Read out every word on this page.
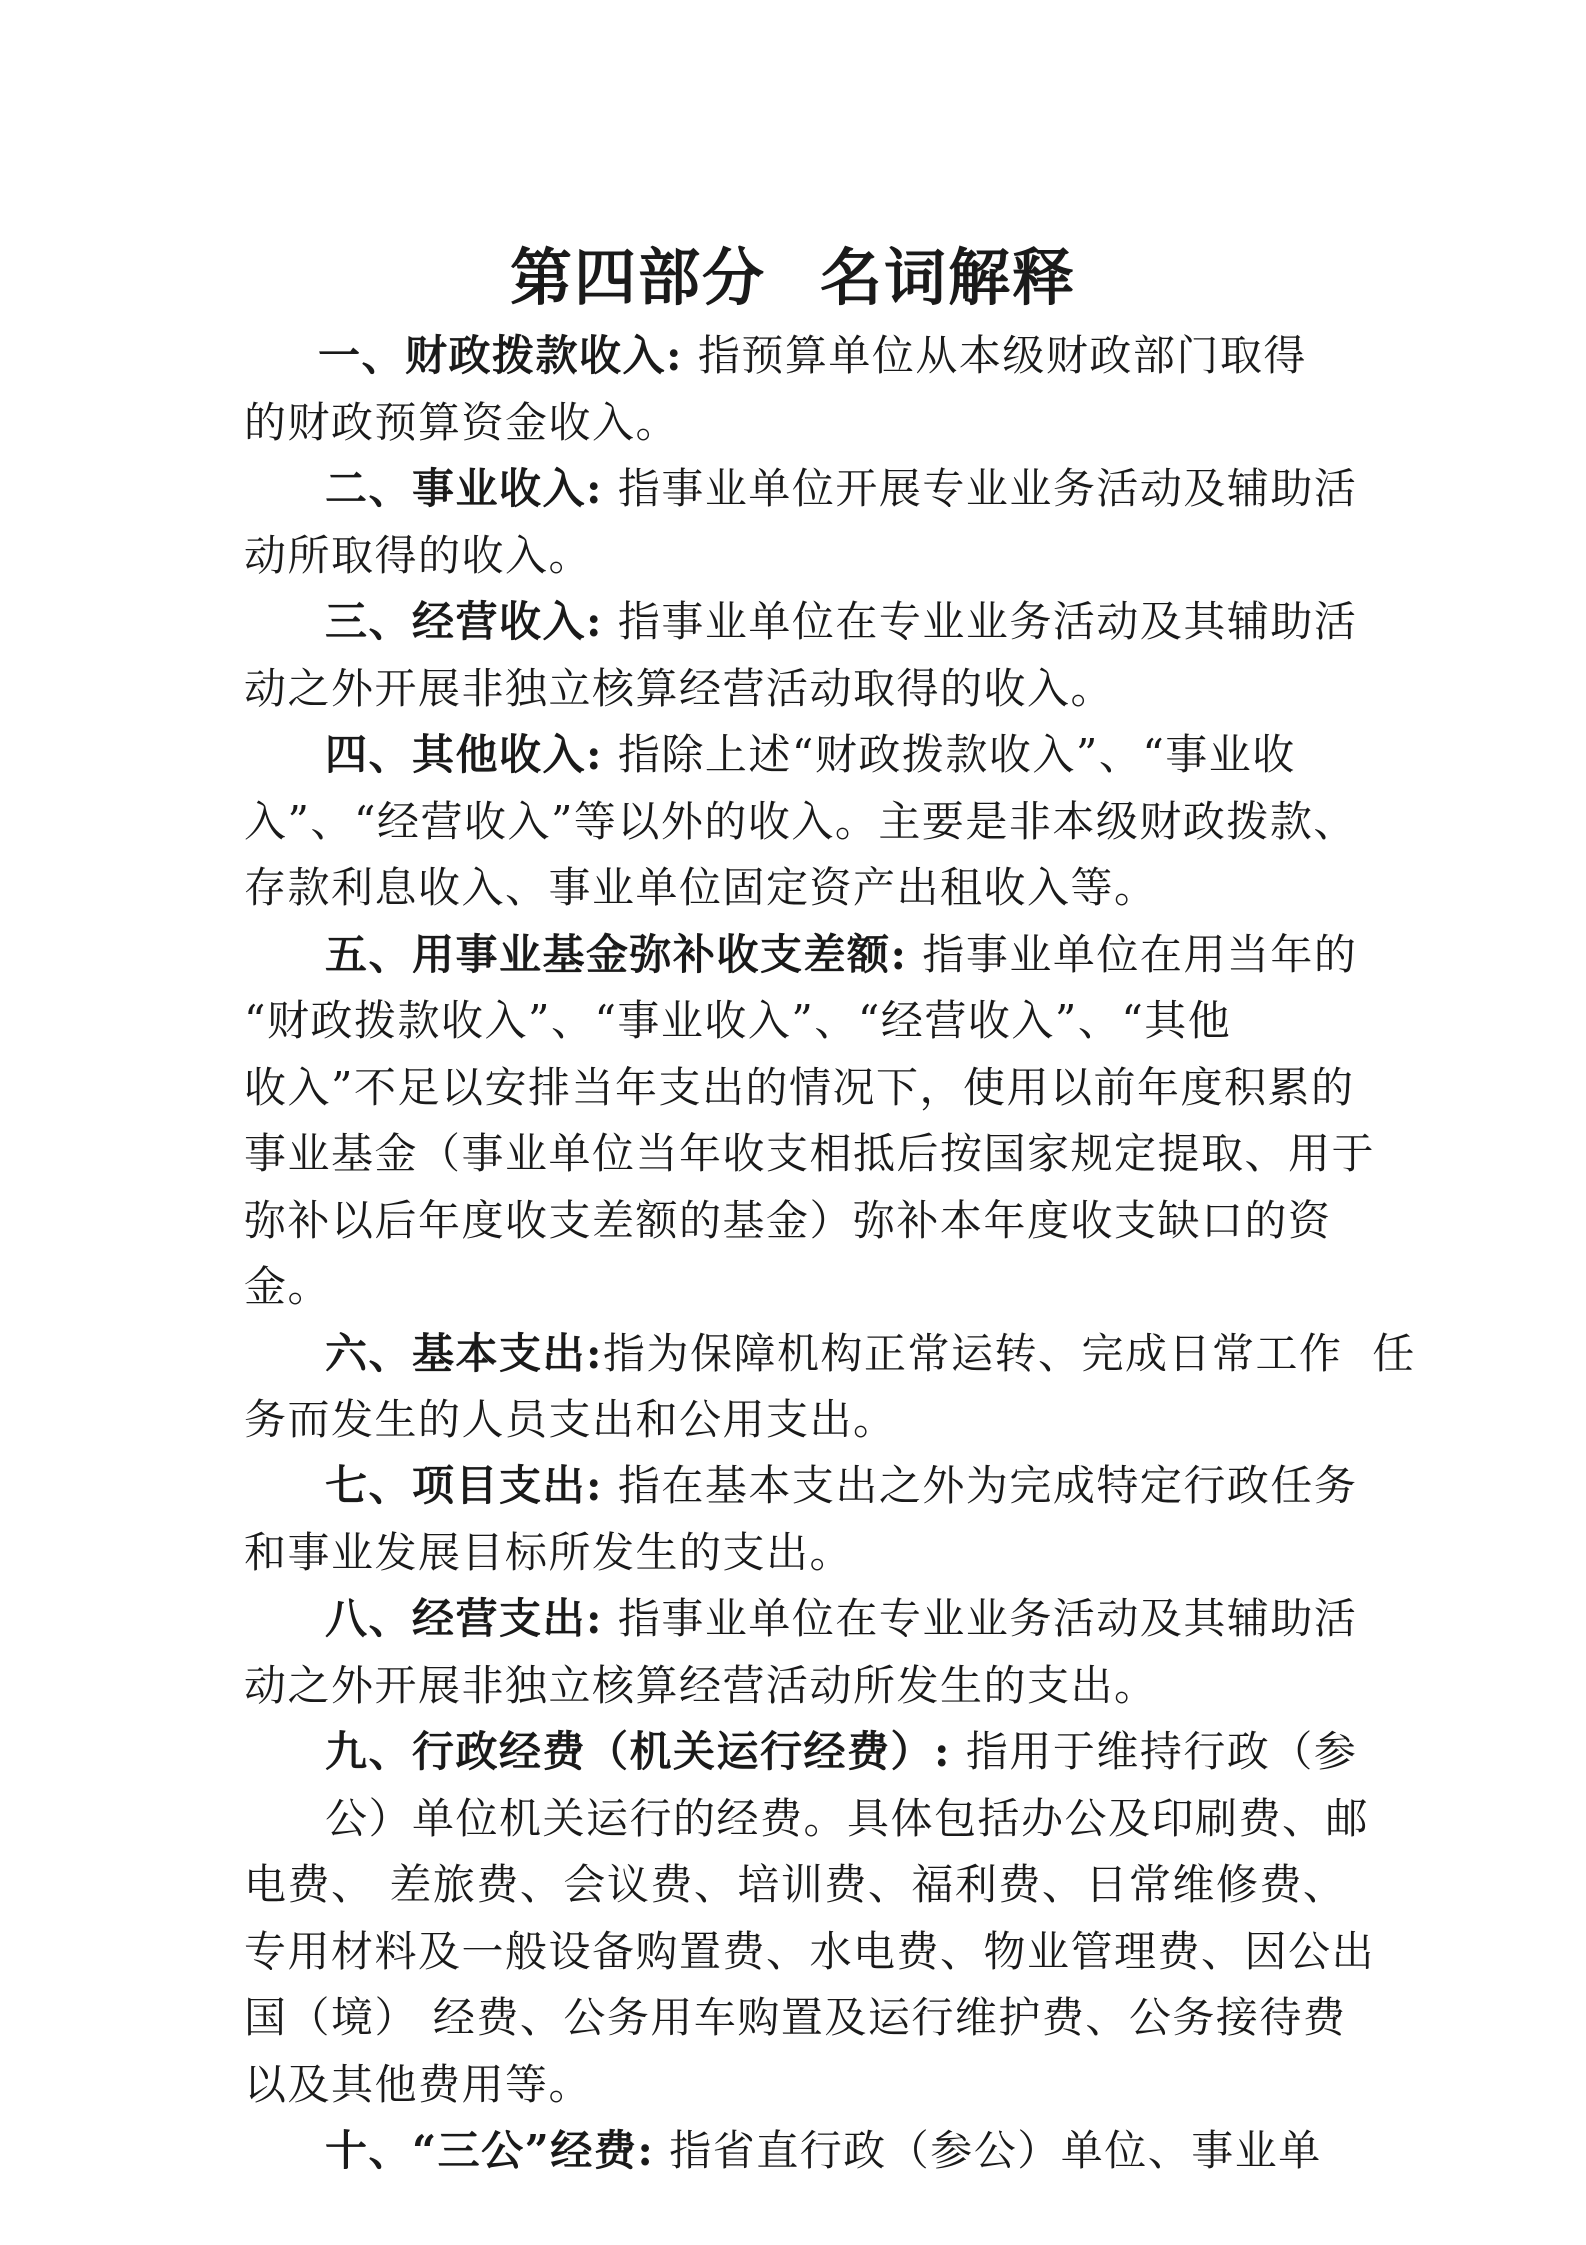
第四部分 名词解释
一、财政拨款收入: 指预算单位从本级财政部门取得
的财政预算资金收入。
二、事业收入: 指事业单位开展专业业务活动及辅助活
动所取得的收入。
三、经营收入: 指事业单位在专业业务活动及其辅助活
动之外开展非独立核算经营活动取得的收入。
四、其他收入: 指除上述“财政拨款收入”、“事业收
入”、“经营收入”等以外的收入。主要是非本级财政拨款、
存款利息收入、事业单位固定资产出租收入等。
五、用事业基金弥补收支差额: 指事业单位在用当年的
“财政拨款收入”、“事业收入”、“经营收入”、“其他
收入”不足以安排当年支出的情况下，使用以前年度积累的
事业基金（事业单位当年收支相抵后按国家规定提取、用于
弥补以后年度收支差额的基金）弥补本年度收支缺口的资
金。
六、基本支出:指为保障机构正常运转、完成日常工作  任
务而发生的人员支出和公用支出。
七、项目支出: 指在基本支出之外为完成特定行政任务
和事业发展目标所发生的支出。
八、经营支出: 指事业单位在专业业务活动及其辅助活
动之外开展非独立核算经营活动所发生的支出。
九、行政经费（机关运行经费）: 指用于维持行政（参
公）单位机关运行的经费。具体包括办公及印刷费、邮
电费、 差旅费、会议费、培训费、福利费、日常维修费、
专用材料及一般设备购置费、水电费、物业管理费、因公出
国（境） 经费、公务用车购置及运行维护费、公务接待费
以及其他费用等。
十、“三公”经费: 指省直行政（参公）单位、事业单
